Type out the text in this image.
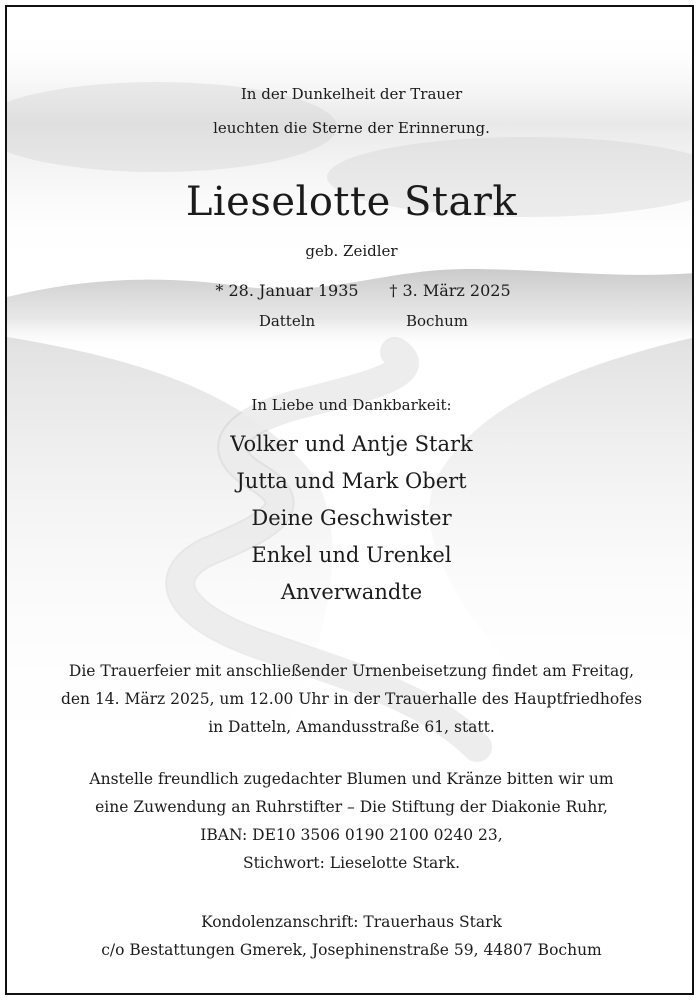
In der Dunkelheit der Trauer
leuchten die Sterne der Erinnerung.
Lieselotte Stark
geb. Zeidler
* 28. Januar 1935	† 3. März 2025
Datteln	Bochum
In Liebe und Dankbarkeit:
Volker und Antje Stark
Jutta und Mark Obert
Deine Geschwister
Enkel und Urenkel
Anverwandte
Die Trauerfeier mit anschließender Urnenbeisetzung findet am Freitag,
den 14. März 2025, um 12.00 Uhr in der Trauerhalle des Hauptfriedhofes
in Datteln, Amandusstraße 61, statt.
Anstelle freundlich zugedachter Blumen und Kränze bitten wir um
eine Zuwendung an Ruhrstifter – Die Stiftung der Diakonie Ruhr,
IBAN: DE10 3506 0190 2100 0240 23,
Stichwort: Lieselotte Stark.
Kondolenzanschrift: Trauerhaus Stark
c/o Bestattungen Gmerek, Josephinenstraße 59, 44807 Bochum
